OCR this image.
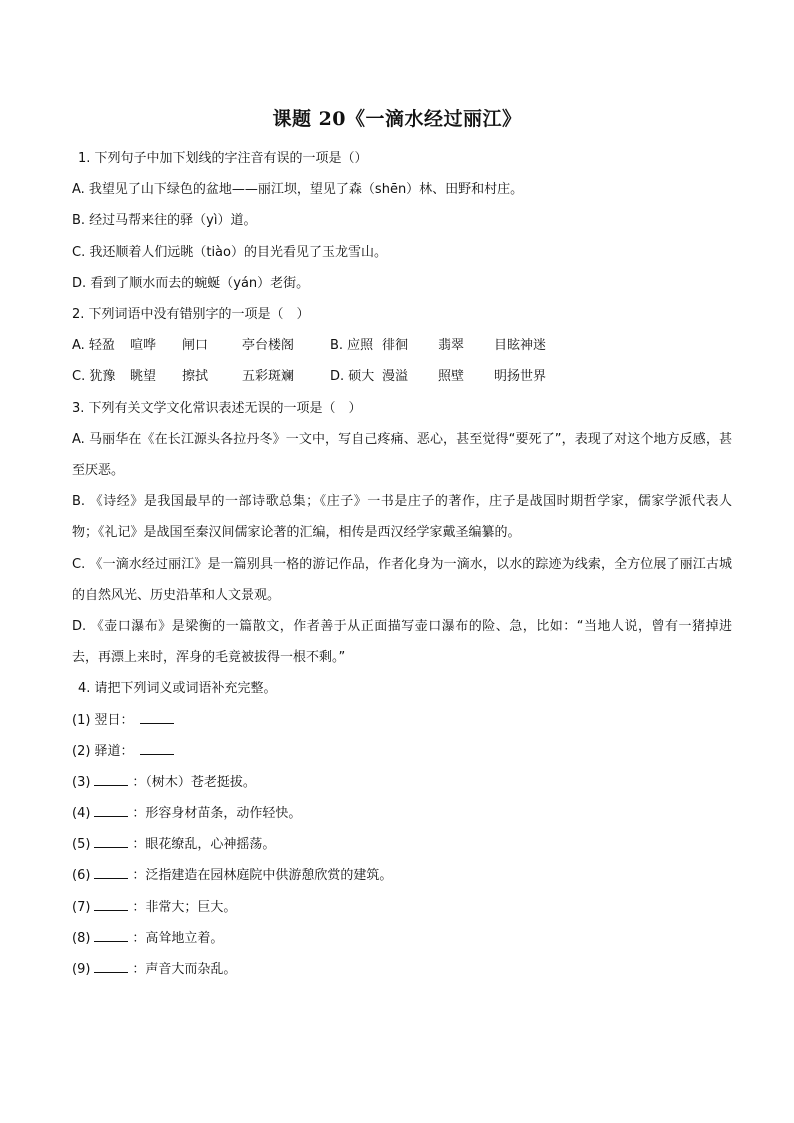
课题 20《一滴水经过丽江》
1. 下列句子中加下划线的字注音有误的一项是（）
A. 我望见了山下绿色的盆地——丽江坝，望见了森（shēn）林、田野和村庄。
B. 经过马帮来往的驿（yì）道。
C. 我还顺着人们远眺（tiào）的目光看见了玉龙雪山。
D. 看到了顺水而去的蜿蜒（yán）老街。
2. 下列词语中没有错别字的一项是（　）
A. 轻盈	喧哗	闸口	亭台楼阁	B. 应照 徘徊	翡翠	目眩神迷
C. 犹豫	眺望	擦拭	五彩斑斓	D. 硕大 漫溢	照壁	明扬世界
3. 下列有关文学文化常识表述无误的一项是（　）
A. 马丽华在《在长江源头各拉丹冬》一文中，写自己疼痛、恶心，甚至觉得“要死了”，表现了对这个地方反感，甚至厌恶。
B. 《诗经》是我国最早的一部诗歌总集；《庄子》一书是庄子的著作，庄子是战国时期哲学家，儒家学派代表人物；《礼记》是战国至秦汉间儒家论著的汇编，相传是西汉经学家戴圣编纂的。
C. 《一滴水经过丽江》是一篇别具一格的游记作品，作者化身为一滴水，以水的踪迹为线索，全方位展了丽江古城的自然风光、历史沿革和人文景观。
D. 《壶口瀑布》是梁衡的一篇散文，作者善于从正面描写壶口瀑布的险、急，比如：“当地人说，曾有一猪掉进去，再漂上来时，浑身的毛竟被拔得一根不剩。”
4. 请把下列词义或词语补充完整。
(1) 翌日：
(2) 驿道：
(3)	：（树木）苍老挺拔。
(4)	：形容身材苗条，动作轻快。
(5)	：眼花缭乱，心神摇荡。
(6)	：泛指建造在园林庭院中供游憩欣赏的建筑。
(7)	：非常大；巨大。
(8)	：高耸地立着。
(9)	：声音大而杂乱。
